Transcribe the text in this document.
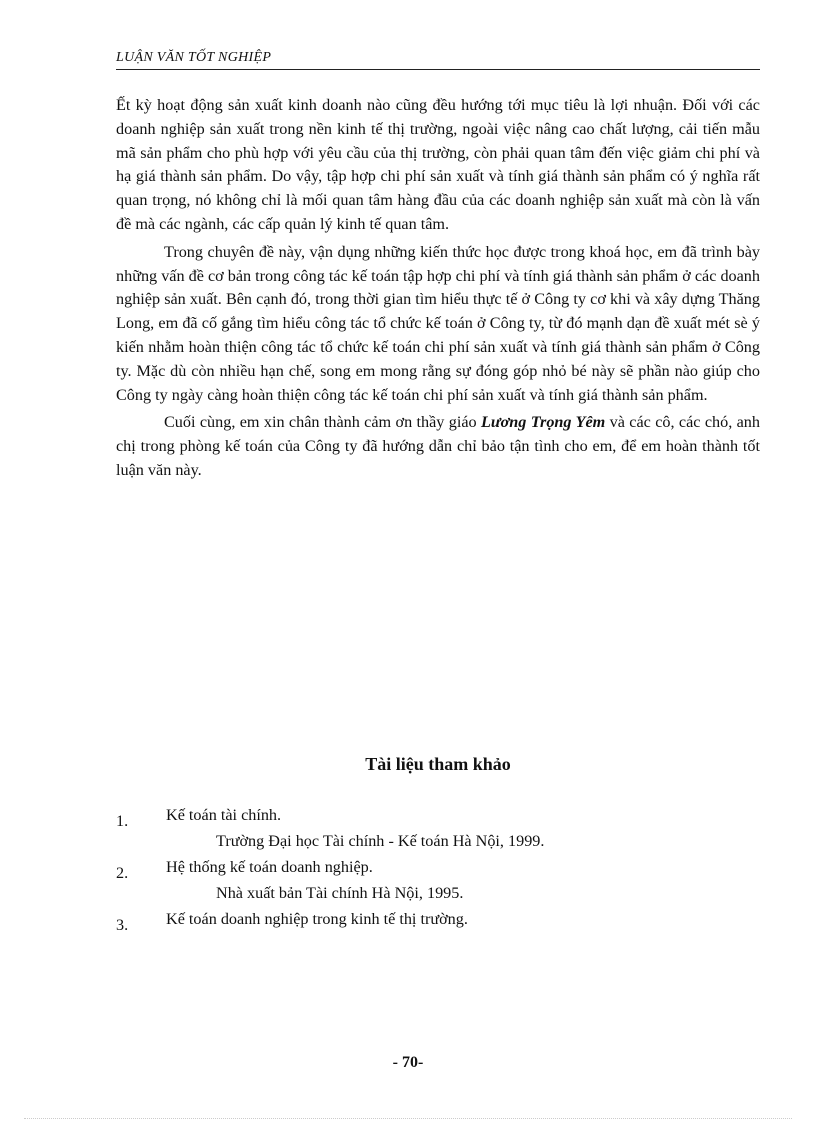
LUẬN VĂN TỐT NGHIỆP

Ết kỳ hoạt động sản xuất kinh doanh nào cũng đều hướng tới mục tiêu là lợi nhuận. Đối với các doanh nghiệp sản xuất trong nền kinh tế thị trường, ngoài việc nâng cao chất lượng, cải tiến mẫu mã sản phẩm cho phù hợp với yêu cầu của thị trường, còn phải quan tâm đến việc giảm chi phí và hạ giá thành sản phẩm. Do vậy, tập hợp chi phí sản xuất và tính giá thành sản phẩm có ý nghĩa rất quan trọng, nó không chỉ là mối quan tâm hàng đầu của các doanh nghiệp sản xuất mà còn là vấn đề mà các ngành, các cấp quản lý kinh tế quan tâm.

Trong chuyên đề này, vận dụng những kiến thức học được trong khoá học, em đã trình bày những vấn đề cơ bản trong công tác kế toán tập hợp chi phí và tính giá thành sản phẩm ở các doanh nghiệp sản xuất. Bên cạnh đó, trong thời gian tìm hiểu thực tế ở Công ty cơ khi và xây dựng Thăng Long, em đã cố gắng tìm hiểu công tác tổ chức kế toán ở Công ty, từ đó mạnh dạn đề xuất mét sè ý kiến nhằm hoàn thiện công tác tổ chức kế toán chi phí sản xuất và tính giá thành sản phẩm ở Công ty. Mặc dù còn nhiều hạn chế, song em mong rằng sự đóng góp nhỏ bé này sẽ phần nào giúp cho Công ty ngày càng hoàn thiện công tác kế toán chi phí sản xuất và tính giá thành sản phẩm.

Cuối cùng, em xin chân thành cảm ơn thầy giáo Lương Trọng Yêm và các cô, các chó, anh chị trong phòng kế toán của Công ty đã hướng dẫn chỉ bảo tận tình cho em, để em hoàn thành tốt luận văn này.

Tài liệu tham khảo
1.	Kế toán tài chính.
Trường Đại học Tài chính - Kế toán Hà Nội, 1999.
2.	Hệ thống kế toán doanh nghiệp.
Nhà xuất bản Tài chính Hà Nội, 1995.
3.	Kế toán doanh nghiệp trong kinh tế thị trường.
- 70-
